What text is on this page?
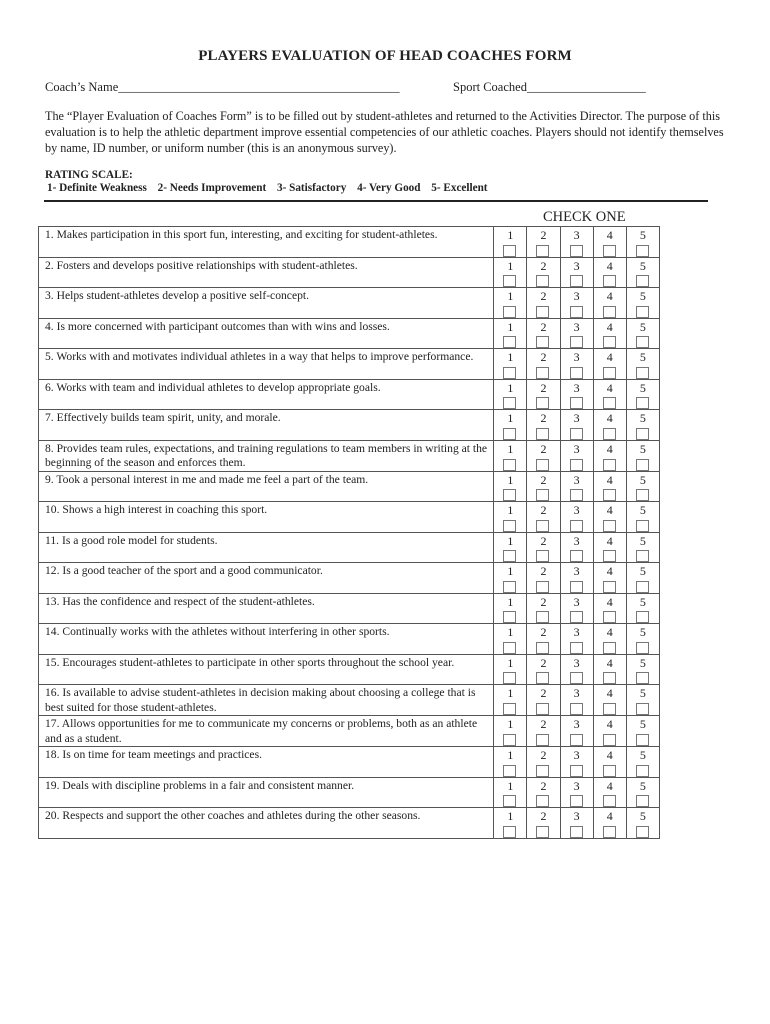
PLAYERS EVALUATION OF HEAD COACHES FORM
Coach’s Name_____________________________________________	Sport Coached___________________
The “Player Evaluation of Coaches Form” is to be filled out by student-athletes and returned to the Activities Director. The purpose of this evaluation is to help the athletic department improve essential competencies of our athletic coaches. Players should not identify themselves by name, ID number, or uniform number (this is an anonymous survey).
RATING SCALE:
1- Definite Weakness 2- Needs Improvement 3- Satisfactory 4- Very Good 5- Excellent
CHECK ONE
1. Makes participation in this sport fun, interesting, and exciting for student-athletes.	1	2	3	4	5

2. Fosters and develops positive relationships with student-athletes.	1	2	3	4	5

3. Helps student-athletes develop a positive self-concept.	1	2	3	4	5

4. Is more concerned with participant outcomes than with wins and losses.	1	2	3	4	5

5. Works with and motivates individual athletes in a way that helps to improve performance.	1	2	3	4	5

6. Works with team and individual athletes to develop appropriate goals.	1	2	3	4	5

7. Effectively builds team spirit, unity, and morale.	1	2	3	4	5

8. Provides team rules, expectations, and training regulations to team members in writing at the beginning of the season and enforces them.	1	2	3	4	5

9. Took a personal interest in me and made me feel a part of the team.	1	2	3	4	5

10. Shows a high interest in coaching this sport.	1	2	3	4	5

11. Is a good role model for students.	1	2	3	4	5

12. Is a good teacher of the sport and a good communicator.	1	2	3	4	5

13. Has the confidence and respect of the student-athletes.	1	2	3	4	5

14. Continually works with the athletes without interfering in other sports.	1	2	3	4	5

15. Encourages student-athletes to participate in other sports throughout the school year.	1	2	3	4	5

16. Is available to advise student-athletes in decision making about choosing a college that is best suited for those student-athletes.	1	2	3	4	5

17. Allows opportunities for me to communicate my concerns or problems, both as an athlete and as a student.	1	2	3	4	5

18. Is on time for team meetings and practices.	1	2	3	4	5

19. Deals with discipline problems in a fair and consistent manner.	1	2	3	4	5

20. Respects and support the other coaches and athletes during the other seasons.	1	2	3	4	5
